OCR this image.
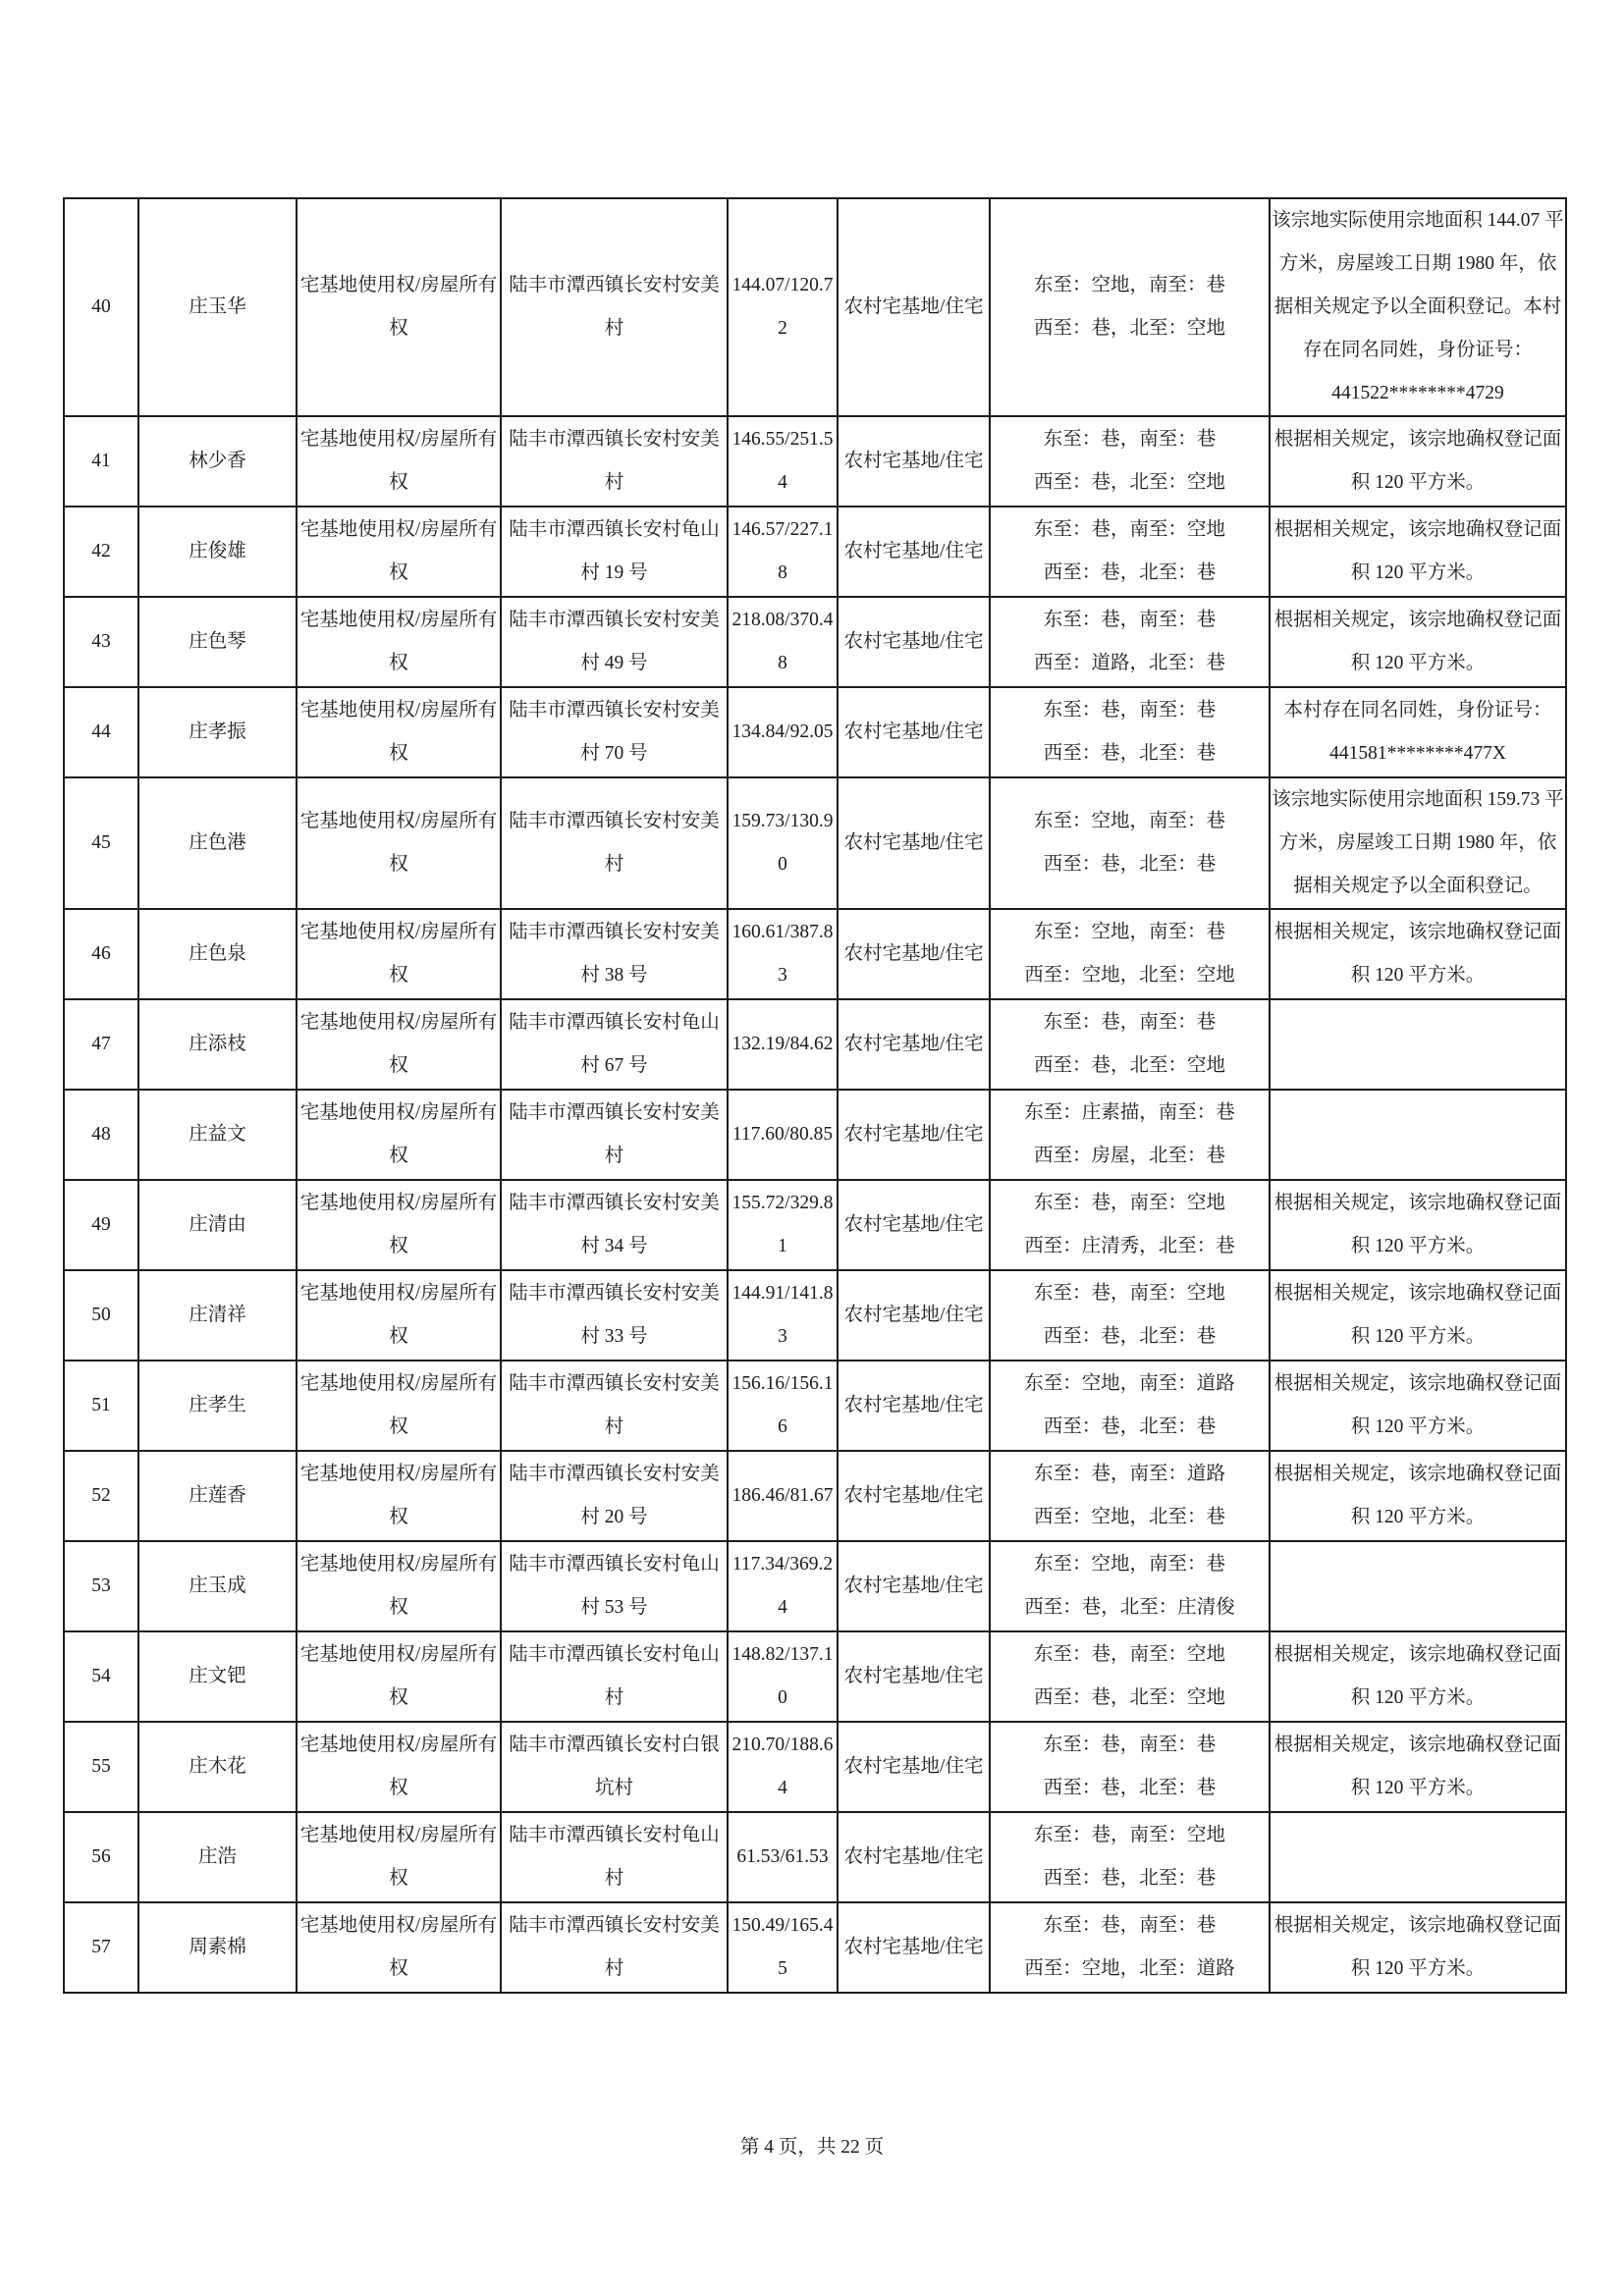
40	庄玉华	宅基地使用权/房屋所有权	陆丰市潭西镇长安村安美村	144.07/120.72	农村宅基地/住宅	东至：空地，南至：巷
西至：巷，北至：空地	该宗地实际使用宗地面积 144.07 平方米，房屋竣工日期 1980 年，依据相关规定予以全面积登记。本村存在同名同姓，身份证号：441522********4729

41	林少香	宅基地使用权/房屋所有权	陆丰市潭西镇长安村安美村	146.55/251.54	农村宅基地/住宅	东至：巷，南至：巷
西至：巷，北至：空地	根据相关规定，该宗地确权登记面积 120 平方米。

42	庄俊雄	宅基地使用权/房屋所有权	陆丰市潭西镇长安村龟山村 19 号	146.57/227.18	农村宅基地/住宅	东至：巷，南至：空地
西至：巷，北至：巷	根据相关规定，该宗地确权登记面积 120 平方米。

43	庄色琴	宅基地使用权/房屋所有权	陆丰市潭西镇长安村安美村 49 号	218.08/370.48	农村宅基地/住宅	东至：巷，南至：巷
西至：道路，北至：巷	根据相关规定，该宗地确权登记面积 120 平方米。

44	庄孝振	宅基地使用权/房屋所有权	陆丰市潭西镇长安村安美村 70 号	134.84/92.05	农村宅基地/住宅	东至：巷，南至：巷
西至：巷，北至：巷	本村存在同名同姓，身份证号：441581********477X

45	庄色港	宅基地使用权/房屋所有权	陆丰市潭西镇长安村安美村	159.73/130.90	农村宅基地/住宅	东至：空地，南至：巷
西至：巷，北至：巷	该宗地实际使用宗地面积 159.73 平方米，房屋竣工日期 1980 年，依据相关规定予以全面积登记。

46	庄色泉	宅基地使用权/房屋所有权	陆丰市潭西镇长安村安美村 38 号	160.61/387.83	农村宅基地/住宅	东至：空地，南至：巷
西至：空地，北至：空地	根据相关规定，该宗地确权登记面积 120 平方米。

47	庄添枝	宅基地使用权/房屋所有权	陆丰市潭西镇长安村龟山村 67 号	132.19/84.62	农村宅基地/住宅	东至：巷，南至：巷
西至：巷，北至：空地	

48	庄益文	宅基地使用权/房屋所有权	陆丰市潭西镇长安村安美村	117.60/80.85	农村宅基地/住宅	东至：庄素描，南至：巷
西至：房屋，北至：巷	

49	庄清由	宅基地使用权/房屋所有权	陆丰市潭西镇长安村安美村 34 号	155.72/329.81	农村宅基地/住宅	东至：巷，南至：空地
西至：庄清秀，北至：巷	根据相关规定，该宗地确权登记面积 120 平方米。

50	庄清祥	宅基地使用权/房屋所有权	陆丰市潭西镇长安村安美村 33 号	144.91/141.83	农村宅基地/住宅	东至：巷，南至：空地
西至：巷，北至：巷	根据相关规定，该宗地确权登记面积 120 平方米。

51	庄孝生	宅基地使用权/房屋所有权	陆丰市潭西镇长安村安美村	156.16/156.16	农村宅基地/住宅	东至：空地，南至：道路
西至：巷，北至：巷	根据相关规定，该宗地确权登记面积 120 平方米。

52	庄莲香	宅基地使用权/房屋所有权	陆丰市潭西镇长安村安美村 20 号	186.46/81.67	农村宅基地/住宅	东至：巷，南至：道路
西至：空地，北至：巷	根据相关规定，该宗地确权登记面积 120 平方米。

53	庄玉成	宅基地使用权/房屋所有权	陆丰市潭西镇长安村龟山村 53 号	117.34/369.24	农村宅基地/住宅	东至：空地，南至：巷
西至：巷，北至：庄清俊	

54	庄文钯	宅基地使用权/房屋所有权	陆丰市潭西镇长安村龟山村	148.82/137.10	农村宅基地/住宅	东至：巷，南至：空地
西至：巷，北至：空地	根据相关规定，该宗地确权登记面积 120 平方米。

55	庄木花	宅基地使用权/房屋所有权	陆丰市潭西镇长安村白银坑村	210.70/188.64	农村宅基地/住宅	东至：巷，南至：巷
西至：巷，北至：巷	根据相关规定，该宗地确权登记面积 120 平方米。

56	庄浩	宅基地使用权/房屋所有权	陆丰市潭西镇长安村龟山村	61.53/61.53	农村宅基地/住宅	东至：巷，南至：空地
西至：巷，北至：巷	

57	周素棉	宅基地使用权/房屋所有权	陆丰市潭西镇长安村安美村	150.49/165.45	农村宅基地/住宅	东至：巷，南至：巷
西至：空地，北至：道路	根据相关规定，该宗地确权登记面积 120 平方米。
第 4 页，共 22 页
